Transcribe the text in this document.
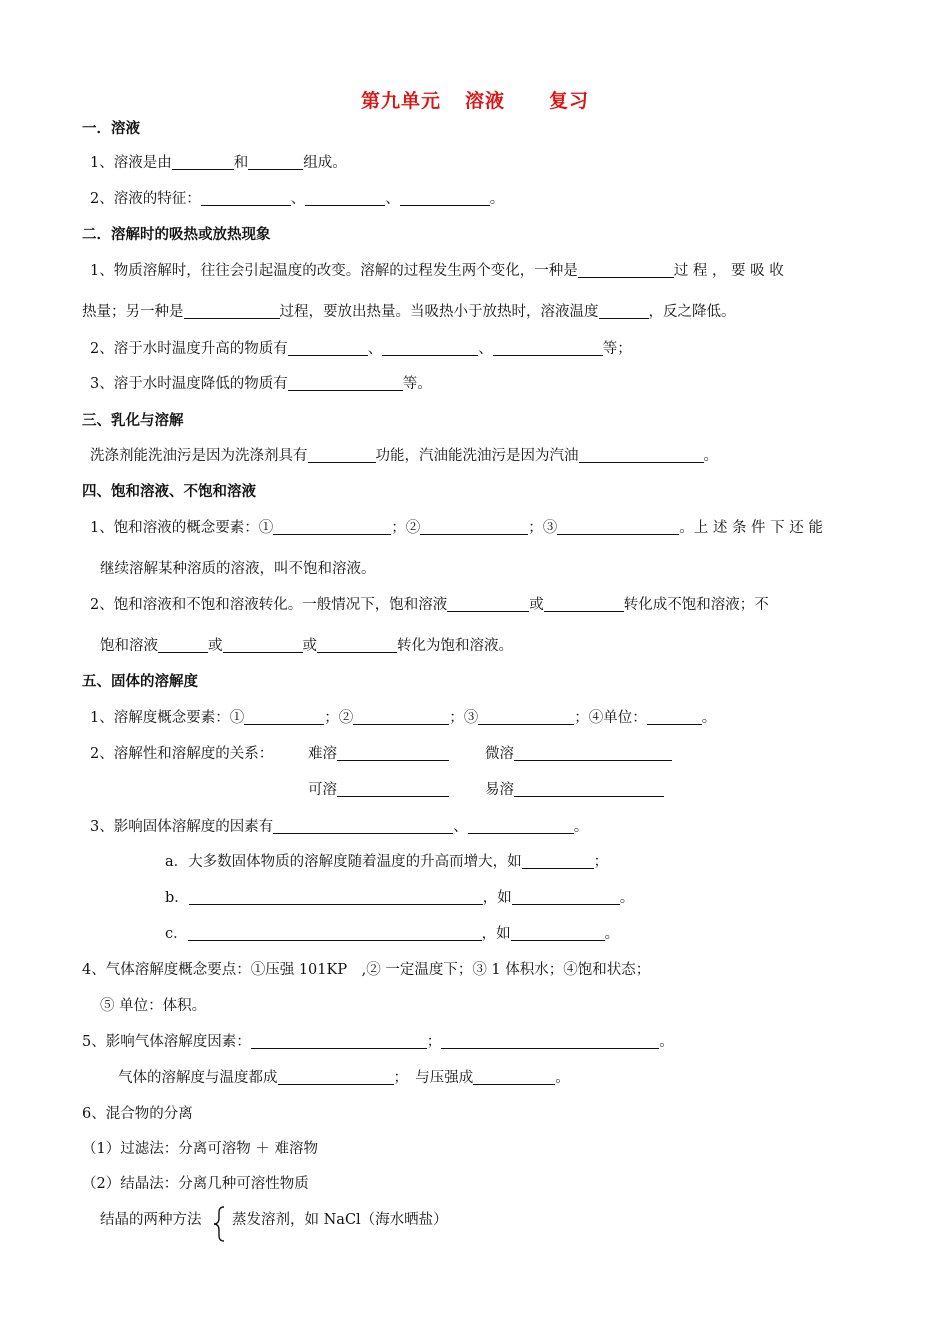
第九单元 溶液 复习
一．溶液
1、溶液是由	和	组成。
2、溶液的特征：	、	、	。
二．溶解时的吸热或放热现象
1、物质溶解时，往往会引起温度的改变。溶解的过程发生两个变化，一种是	过 程 ， 要 吸 收
热量；另一种是	过程，要放出热量。当吸热小于放热时，溶液温度	，反之降低。
2、溶于水时温度升高的物质有	、	、	等；
3、溶于水时温度降低的物质有	等。
三、乳化与溶解
洗涤剂能洗油污是因为洗涤剂具有	功能，汽油能洗油污是因为汽油	。
四、饱和溶液、不饱和溶液
1、饱和溶液的概念要素：①	；②	；③	。上 述 条 件 下 还 能
继续溶解某种溶质的溶液，叫不饱和溶液。
2、饱和溶液和不饱和溶液转化。一般情况下，饱和溶液	或	转化成不饱和溶液；不
饱和溶液	或	或	转化为饱和溶液。
五、固体的溶解度
1、溶解度概念要素：①	；②	；③	；④单位：	。
2、溶解性和溶解度的关系： 难溶	微溶
可溶	易溶
3、影响固体溶解度的因素有	、	。
a．大多数固体物质的溶解度随着温度的升高而增大，如	；
b．	，如	。
c．	，如	。
4、气体溶解度概念要点：①压强 101KP　,② 一定温度下；③ 1 体积水；④饱和状态；
⑤ 单位：体积。
5、影响气体溶解度因素：	；	。
气体的溶解度与温度都成	；　与压强成	。
6、混合物的分离
（1）过滤法：分离可溶物 ＋ 难溶物
（2）结晶法：分离几种可溶性物质
结晶的两种方法 蒸发溶剂，如 NaCl（海水晒盐）
